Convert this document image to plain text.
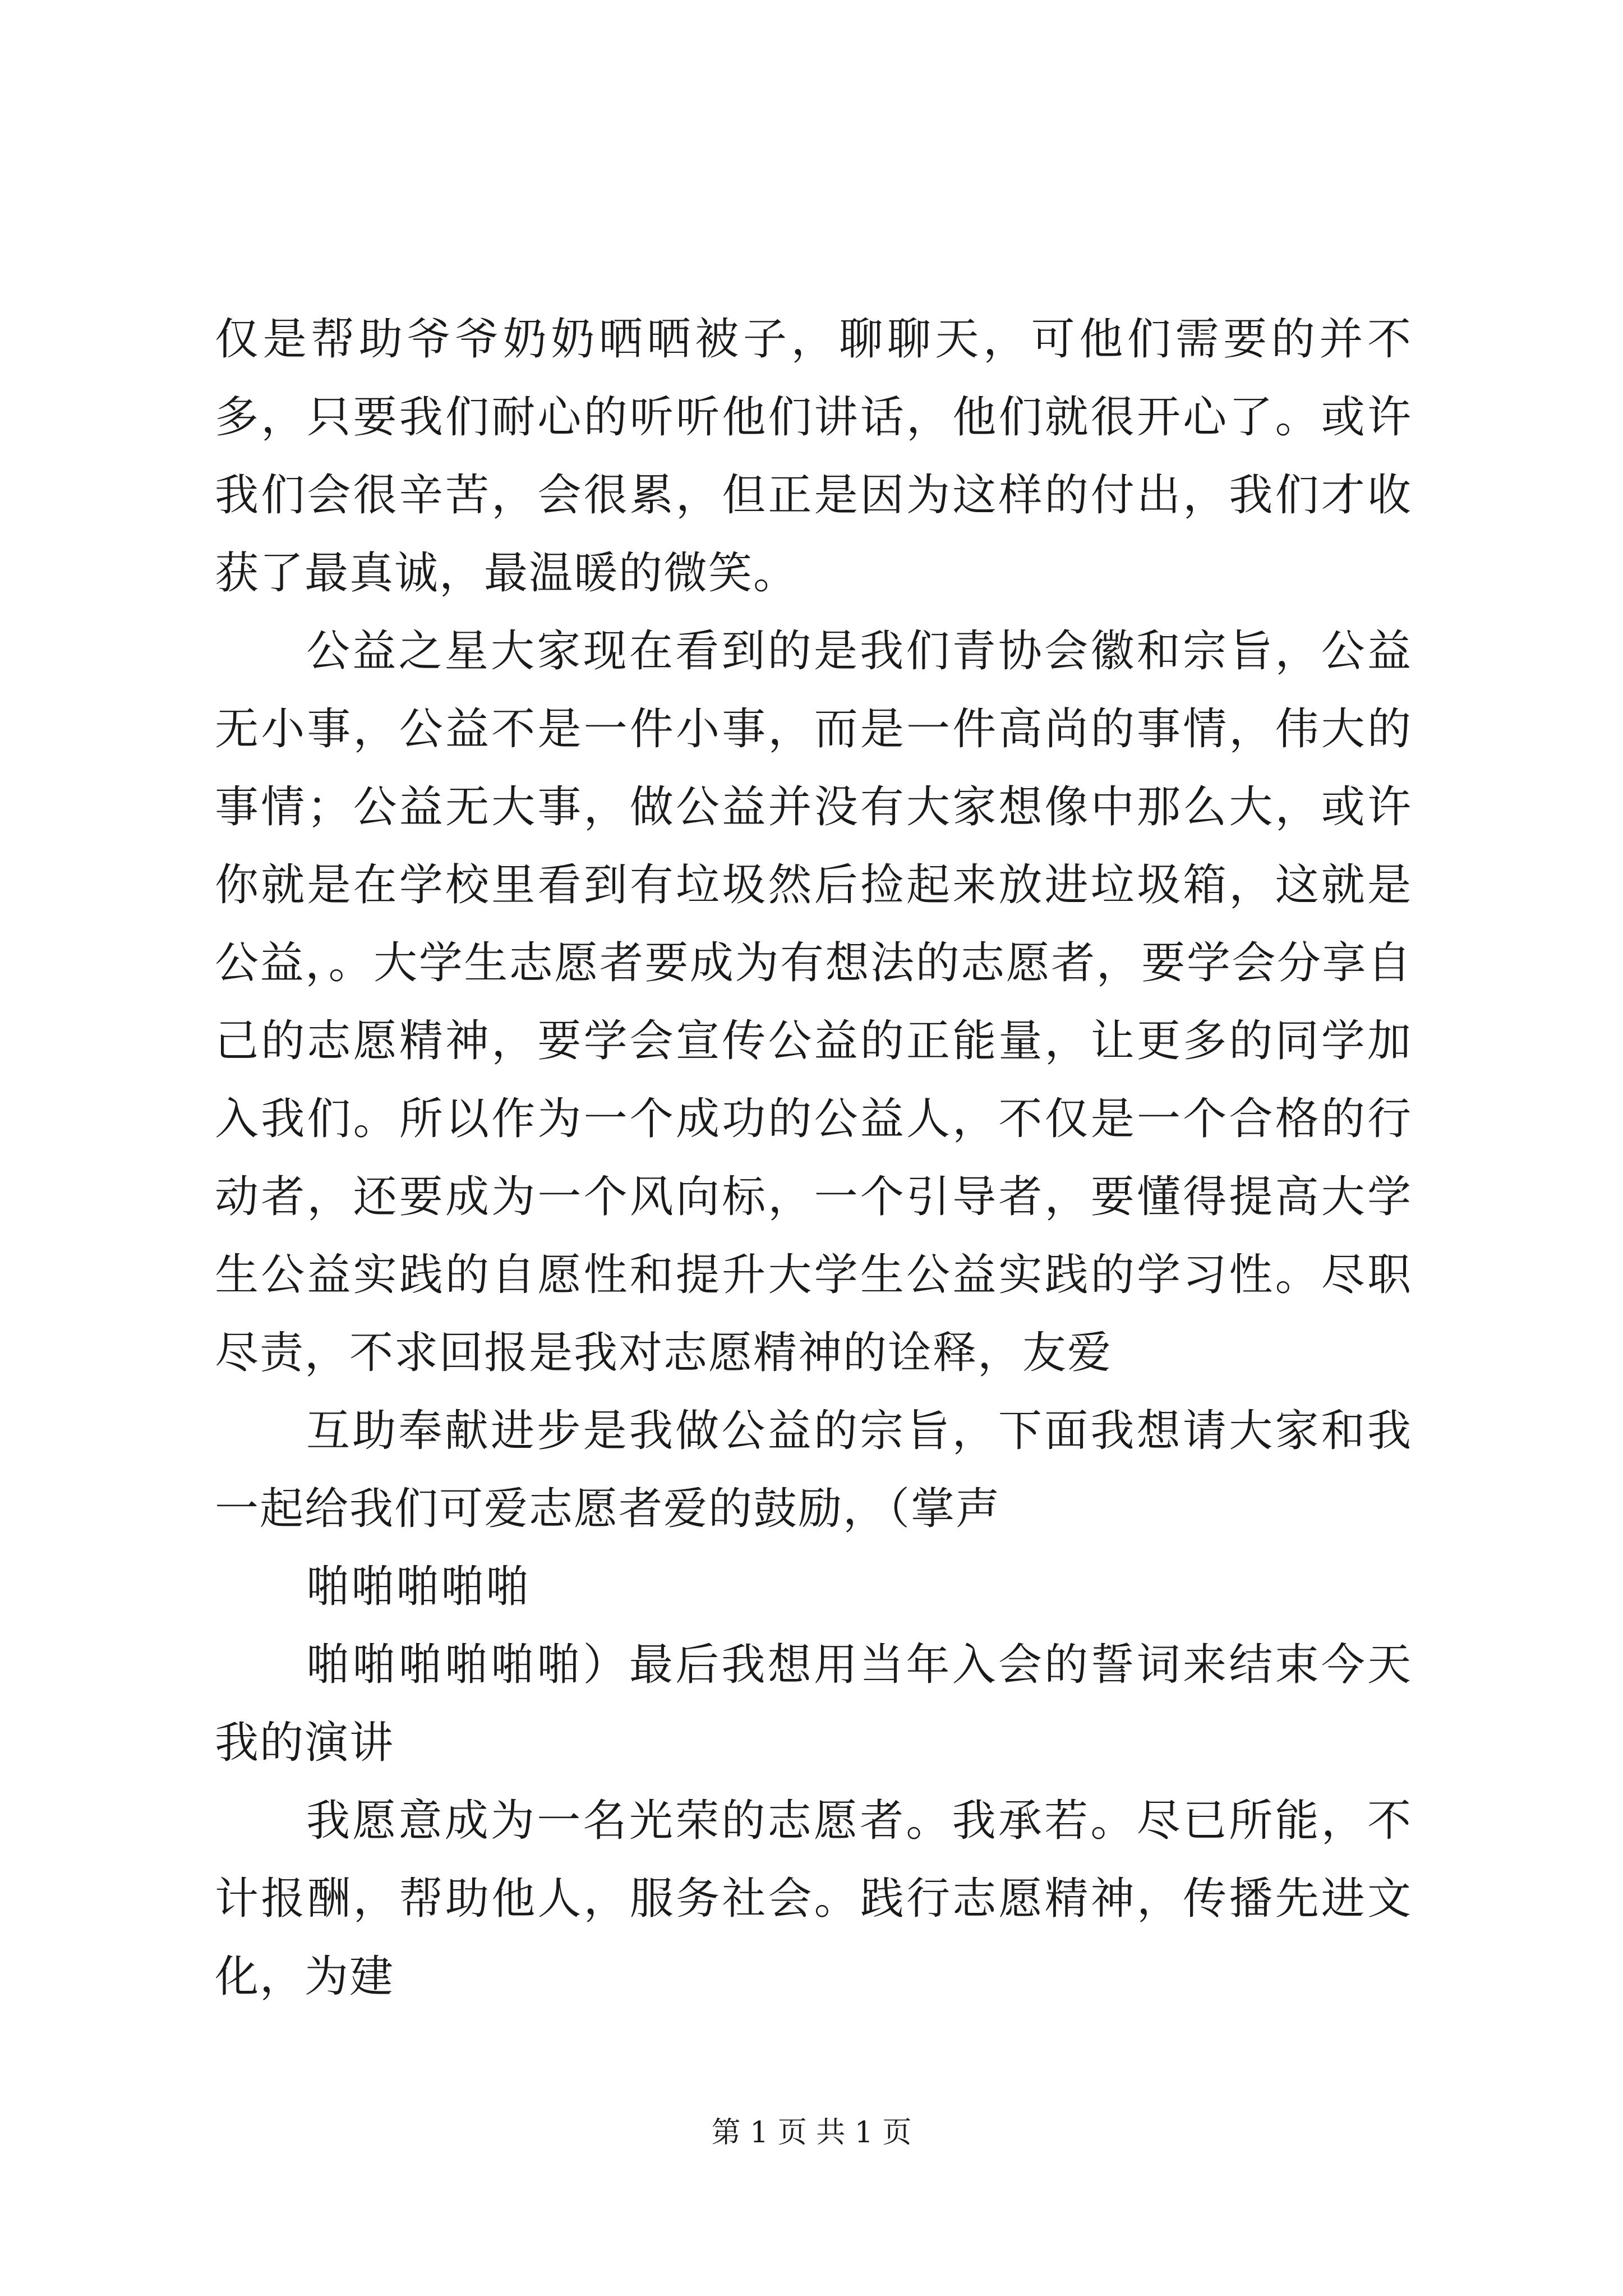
仅是帮助爷爷奶奶晒晒被子，聊聊天，可他们需要的并不多，只要我们耐心的听听他们讲话，他们就很开心了。或许我们会很辛苦，会很累，但正是因为这样的付出，我们才收获了最真诚，最温暖的微笑。

公益之星大家现在看到的是我们青协会徽和宗旨，公益无小事，公益不是一件小事，而是一件高尚的事情，伟大的事情；公益无大事，做公益并没有大家想像中那么大，或许你就是在学校里看到有垃圾然后捡起来放进垃圾箱，这就是公益，。大学生志愿者要成为有想法的志愿者，要学会分享自己的志愿精神，要学会宣传公益的正能量，让更多的同学加入我们。所以作为一个成功的公益人，不仅是一个合格的行动者，还要成为一个风向标，一个引导者，要懂得提高大学生公益实践的自愿性和提升大学生公益实践的学习性。尽职尽责，不求回报是我对志愿精神的诠释，友爱

互助奉献进步是我做公益的宗旨，下面我想请大家和我一起给我们可爱志愿者爱的鼓励，（掌声

啪啪啪啪啪

啪啪啪啪啪啪）最后我想用当年入会的誓词来结束今天我的演讲

我愿意成为一名光荣的志愿者。我承若。尽已所能，不计报酬，帮助他人，服务社会。践行志愿精神，传播先进文化，为建

第 1 页 共 1 页
